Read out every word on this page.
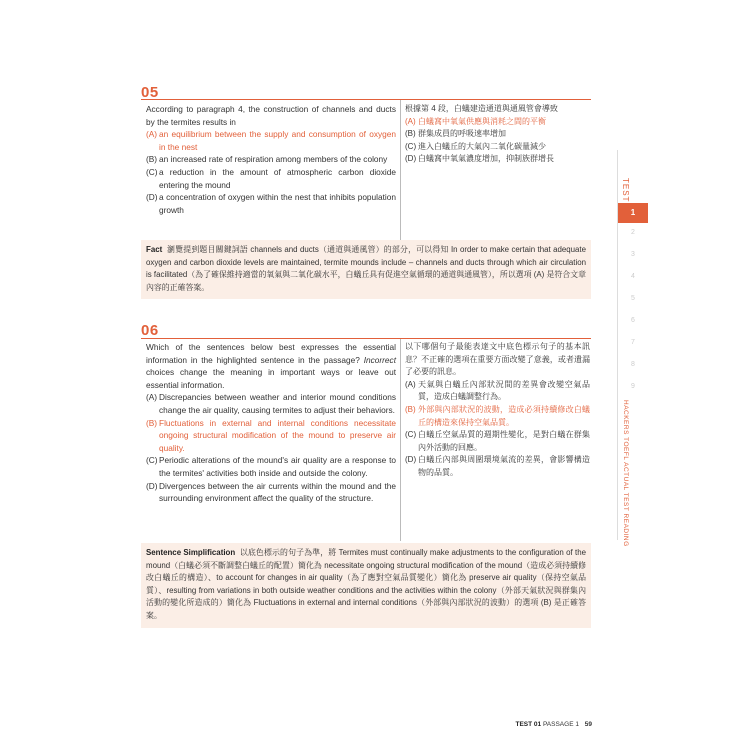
05
According to paragraph 4, the construction of channels and ducts by the termites results in
(A) an equilibrium between the supply and consumption of oxygen in the nest
(B) an increased rate of respiration among members of the colony
(C) a reduction in the amount of atmospheric carbon dioxide entering the mound
(D) a concentration of oxygen within the nest that inhibits population growth
根據第 4 段，白蟻建造通道與通風管會導致
(A) 白蟻窩中氧氣供應與消耗之間的平衡
(B) 群集成員的呼吸速率增加
(C) 進入白蟻丘的大氣內二氧化碳量減少
(D) 白蟻窩中氧氣濃度增加，抑制族群增長
Fact 瀏覽提到題目關鍵詞語 channels and ducts（通道與通風管）的部分，可以得知 In order to make certain that adequate oxygen and carbon dioxide levels are maintained, termite mounds include – channels and ducts through which air circulation is facilitated（為了確保維持適當的氧氣與二氧化碳水平，白蟻丘具有促進空氣循環的通道與通風管），所以選項 (A) 是符合文章內容的正確答案。
06
Which of the sentences below best expresses the essential information in the highlighted sentence in the passage? Incorrect choices change the meaning in important ways or leave out essential information.
(A) Discrepancies between weather and interior mound conditions change the air quality, causing termites to adjust their behaviors.
(B) Fluctuations in external and internal conditions necessitate ongoing structural modification of the mound to preserve air quality.
(C) Periodic alterations of the mound's air quality are a response to the termites' activities both inside and outside the colony.
(D) Divergences between the air currents within the mound and the surrounding environment affect the quality of the structure.
以下哪個句子最能表達文中底色標示句子的基本訊息？不正確的選項在重要方面改變了意義，或者遺漏了必要的訊息。
(A) 天氣與白蟻丘內部狀況間的差異會改變空氣品質，造成白蟻調整行為。
(B) 外部與內部狀況的波動，造成必須持續修改白蟻丘的構造來保持空氣品質。
(C) 白蟻丘空氣品質的週期性變化，是對白蟻在群集內外活動的回應。
(D) 白蟻丘內部與周圍環境氣流的差異，會影響構造物的品質。
Sentence Simplification 以底色標示的句子為準，將 Termites must continually make adjustments to the configuration of the mound（白蟻必須不斷調整白蟻丘的配置）簡化為 necessitate ongoing structural modification of the mound（造成必須持續修改白蟻丘的構造）、to account for changes in air quality（為了應對空氣品質變化）簡化為 preserve air quality（保持空氣品質）、resulting from variations in both outside weather conditions and the activities within the colony（外部天氣狀況與群集內活動的變化所造成的）簡化為 Fluctuations in external and internal conditions（外部與內部狀況的波動）的選項 (B) 是正確答案。
TEST
1
2
3
4
5
6
7
8
9
HACKERS TOEFL ACTUAL TEST READING
TEST 01 PASSAGE 1 59
